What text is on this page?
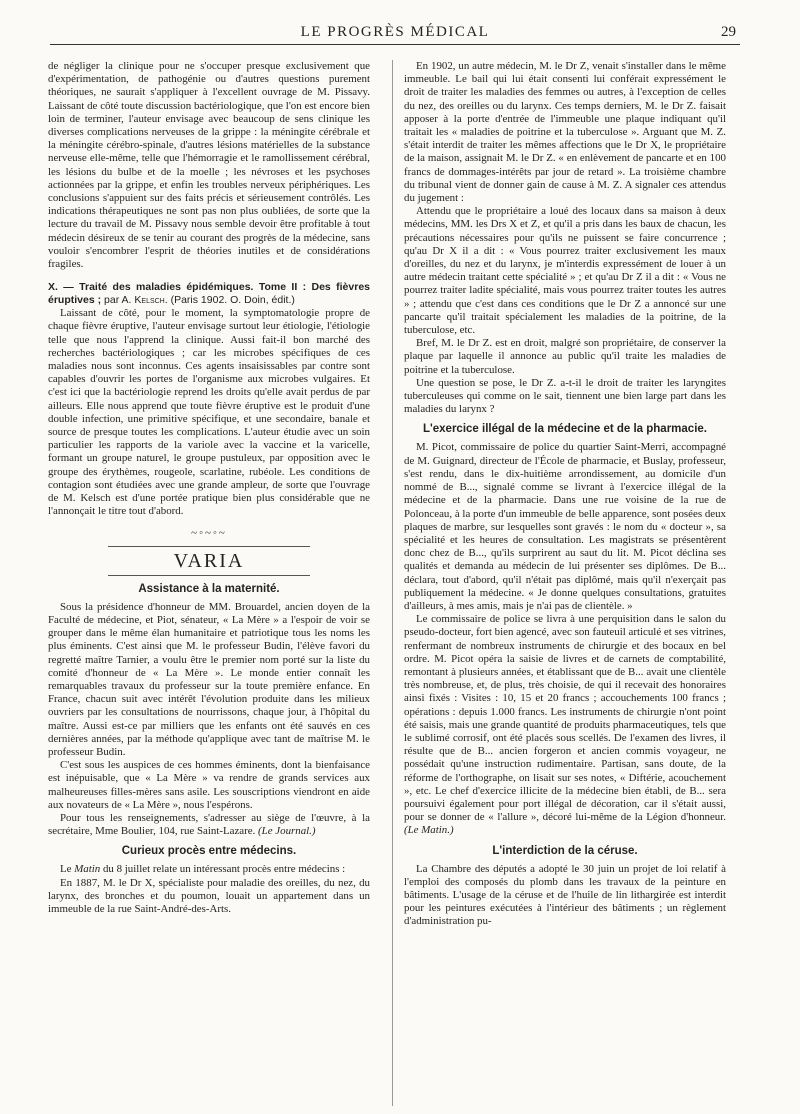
LE PROGRÈS MÉDICAL	29

de négliger la clinique pour ne s'occuper presque exclusivement que d'expérimentation, de pathogénie ou d'autres questions purement théoriques, ne saurait s'appliquer à l'excellent ouvrage de M. Pissavy. Laissant de côté toute discussion bactériologique, que l'on est encore bien loin de terminer, l'auteur envisage avec beaucoup de sens clinique les diverses complications nerveuses de la grippe : la méningite cérébrale et la méningite cérébro-spinale, d'autres lésions matérielles de la substance nerveuse elle-même, telle que l'hémorragie et le ramollissement cérébral, les lésions du bulbe et de la moelle ; les névroses et les psychoses actionnées par la grippe, et enfin les troubles nerveux périphériques. Les conclusions s'appuient sur des faits précis et sérieusement contrôlés. Les indications thérapeutiques ne sont pas non plus oubliées, de sorte que la lecture du travail de M. Pissavy nous semble devoir être profitable à tout médecin désireux de se tenir au courant des progrès de la médecine, sans vouloir s'encombrer l'esprit de théories inutiles et de considérations fragiles.

X. — Traité des maladies épidémiques. Tome II : Des fièvres éruptives ; par A. Kelsch. (Paris 1902. O. Doin, édit.)

Laissant de côté, pour le moment, la symptomatologie propre de chaque fièvre éruptive, l'auteur envisage surtout leur étiologie, l'étiologie telle que nous l'apprend la clinique. Aussi fait-il bon marché des recherches bactériologiques ; car les microbes spécifiques de ces maladies nous sont inconnus. Ces agents insaisissables par contre sont capables d'ouvrir les portes de l'organisme aux microbes vulgaires. Et c'est ici que la bactériologie reprend les droits qu'elle avait perdus de par ailleurs. Elle nous apprend que toute fièvre éruptive est le produit d'une double infection, une primitive spécifique, et une secondaire, banale et source de presque toutes les complications. L'auteur étudie avec un soin particulier les rapports de la variole avec la vaccine et la varicelle, formant un groupe naturel, le groupe pustuleux, par opposition avec le groupe des érythèmes, rougeole, scarlatine, rubéole. Les conditions de contagion sont étudiées avec une grande ampleur, de sorte que l'ouvrage de M. Kelsch est d'une portée pratique bien plus considérable que ne l'annonçait le titre tout d'abord.

~◦~◦~
VARIA
Assistance à la maternité.

Sous la présidence d'honneur de MM. Brouardel, ancien doyen de la Faculté de médecine, et Piot, sénateur, « La Mère » a l'espoir de voir se grouper dans le même élan humanitaire et patriotique tous les noms les plus éminents. C'est ainsi que M. le professeur Budin, l'élève favori du regretté maître Tarnier, a voulu être le premier nom porté sur la liste du comité d'honneur de « La Mère ». Le monde entier connaît les remarquables travaux du professeur sur la toute première enfance. En France, chacun suit avec intérêt l'évolution produite dans les milieux ouvriers par les consultations de nourrissons, chaque jour, à l'hôpital du maître. Aussi est-ce par milliers que les enfants ont été sauvés en ces dernières années, par la méthode qu'applique avec tant de maîtrise M. le professeur Budin.

C'est sous les auspices de ces hommes éminents, dont la bienfaisance est inépuisable, que « La Mère » va rendre de grands services aux malheureuses filles-mères sans asile. Les souscriptions viendront en aide aux novateurs de « La Mère », nous l'espérons.

Pour tous les renseignements, s'adresser au siège de l'œuvre, à la secrétaire, Mme Boulier, 104, rue Saint-Lazare. (Le Journal.)

Curieux procès entre médecins.

Le Matin du 8 juillet relate un intéressant procès entre médecins :

En 1887, M. le Dr X, spécialiste pour maladie des oreilles, du nez, du larynx, des bronches et du poumon, louait un appartement dans un immeuble de la rue Saint-André-des-Arts.

En 1902, un autre médecin, M. le Dr Z, venait s'installer dans le même immeuble. Le bail qui lui était consenti lui conférait expressément le droit de traiter les maladies des femmes ou autres, à l'exception de celles du nez, des oreilles ou du larynx. Ces temps derniers, M. le Dr Z. faisait apposer à la porte d'entrée de l'immeuble une plaque indiquant qu'il traitait les « maladies de poitrine et la tuberculose ». Arguant que M. Z. s'était interdit de traiter les mêmes affections que le Dr X, le propriétaire de la maison, assignait M. le Dr Z. « en enlèvement de pancarte et en 100 francs de dommages-intérêts par jour de retard ». La troisième chambre du tribunal vient de donner gain de cause à M. Z. A signaler ces attendus du jugement :

Attendu que le propriétaire a loué des locaux dans sa maison à deux médecins, MM. les Drs X et Z, et qu'il a pris dans les baux de chacun, les précautions nécessaires pour qu'ils ne puissent se faire concurrence ; qu'au Dr X il a dit : « Vous pourrez traiter exclusivement les maux d'oreilles, du nez et du larynx, je m'interdis expressément de louer à un autre médecin traitant cette spécialité » ; et qu'au Dr Z il a dit : « Vous ne pourrez traiter ladite spécialité, mais vous pourrez traiter toutes les autres » ; attendu que c'est dans ces conditions que le Dr Z a annoncé sur une pancarte qu'il traitait spécialement les maladies de la poitrine, de la tuberculose, etc.

Bref, M. le Dr Z. est en droit, malgré son propriétaire, de conserver la plaque par laquelle il annonce au public qu'il traite les maladies de poitrine et la tuberculose.

Une question se pose, le Dr Z. a-t-il le droit de traiter les laryngites tuberculeuses qui comme on le sait, tiennent une bien large part dans les maladies du larynx ?

L'exercice illégal de la médecine et de la pharmacie.

M. Picot, commissaire de police du quartier Saint-Merri, accompagné de M. Guignard, directeur de l'École de pharmacie, et Buslay, professeur, s'est rendu, dans le dix-huitième arrondissement, au domicile d'un nommé de B..., signalé comme se livrant à l'exercice illégal de la médecine et de la pharmacie. Dans une rue voisine de la rue de Polonceau, à la porte d'un immeuble de belle apparence, sont posées deux plaques de marbre, sur lesquelles sont gravés : le nom du « docteur », sa spécialité et les heures de consultation. Les magistrats se présentèrent donc chez de B..., qu'ils surprirent au saut du lit. M. Picot déclina ses qualités et demanda au médecin de lui présenter ses diplômes. De B... déclara, tout d'abord, qu'il n'était pas diplômé, mais qu'il n'exerçait pas publiquement la médecine. « Je donne quelques consultations, gratuites d'ailleurs, à mes amis, mais je n'ai pas de clientèle. »

Le commissaire de police se livra à une perquisition dans le salon du pseudo-docteur, fort bien agencé, avec son fauteuil articulé et ses vitrines, renfermant de nombreux instruments de chirurgie et des bocaux en bel ordre. M. Picot opéra la saisie de livres et de carnets de comptabilité, remontant à plusieurs années, et établissant que de B... avait une clientèle très nombreuse, et, de plus, très choisie, de qui il recevait des honoraires ainsi fixés : Visites : 10, 15 et 20 francs ; accouchements 100 francs ; opérations : depuis 1.000 francs. Les instruments de chirurgie n'ont point été saisis, mais une grande quantité de produits pharmaceutiques, tels que le sublimé corrosif, ont été placés sous scellés. De l'examen des livres, il résulte que de B... ancien forgeron et ancien commis voyageur, ne possédait qu'une instruction rudimentaire. Partisan, sans doute, de la réforme de l'orthographe, on lisait sur ses notes, « Diftérie, acouchement », etc. Le chef d'exercice illicite de la médecine bien établi, de B... sera poursuivi également pour port illégal de décoration, car il s'était aussi, pour se donner de « l'allure », décoré lui-même de la Légion d'honneur. (Le Matin.)

L'interdiction de la céruse.

La Chambre des députés a adopté le 30 juin un projet de loi relatif à l'emploi des composés du plomb dans les travaux de la peinture en bâtiments. L'usage de la céruse et de l'huile de lin lithargirée est interdit pour les peintures exécutées à l'intérieur des bâtiments ; un règlement d'administration pu-
